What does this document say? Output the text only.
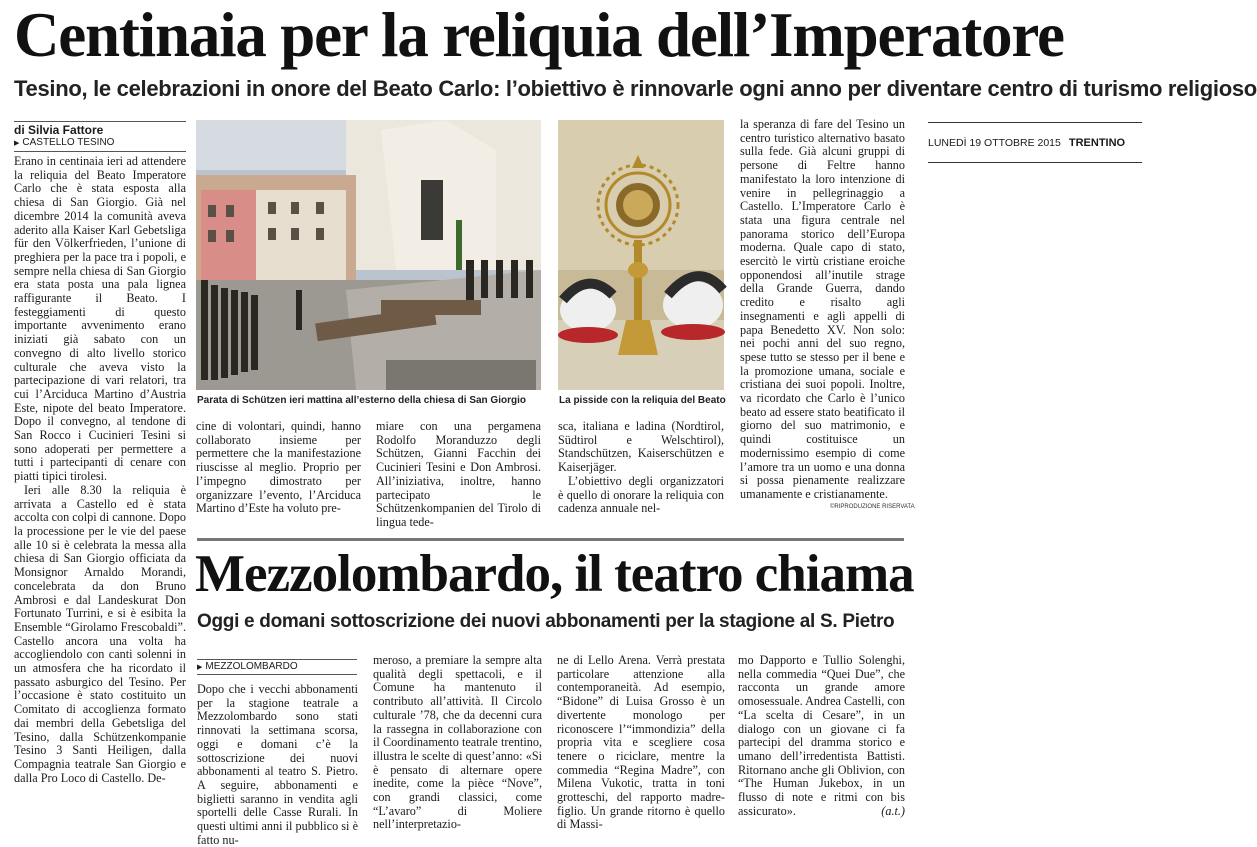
Centinaia per la reliquia dell’Imperatore
Tesino, le celebrazioni in onore del Beato Carlo: l’obiettivo è rinnovarle ogni anno per diventare centro di turismo religioso
di Silvia Fattore
▶ CASTELLO TESINO

Erano in centinaia ieri ad attendere la reliquia del Beato Imperatore Carlo che è stata esposta alla chiesa di San Giorgio. Già nel dicembre 2014 la comunità aveva aderito alla Kaiser Karl Gebetsliga für den Völkerfrieden, l’unione di preghiera per la pace tra i popoli, e sempre nella chiesa di San Giorgio era stata posta una pala lignea raffigurante il Beato. I festeggiamenti di questo importante avvenimento erano iniziati già sabato con un convegno di alto livello storico culturale che aveva visto la partecipazione di vari relatori, tra cui l’Arciduca Martino d’Austria Este, nipote del beato Imperatore. Dopo il convegno, al tendone di San Rocco i Cucinieri Tesini si sono adoperati per permettere a tutti i partecipanti di cenare con piatti tipici tirolesi.

Ieri alle 8.30 la reliquia è arrivata a Castello ed è stata accolta con colpi di cannone. Dopo la processione per le vie del paese alle 10 si è celebrata la messa alla chiesa di San Giorgio officiata da Monsignor Arnaldo Morandi, concelebrata da don Bruno Ambrosi e dal Landeskurat Don Fortunato Turrini, e si è esibita la Ensemble “Girolamo Frescobaldi”. Castello ancora una volta ha accogliendolo con canti solenni in un atmosfera che ha ricordato il passato asburgico del Tesino. Per l’occasione è stato costituito un Comitato di accoglienza formato dai membri della Gebetsliga del Tesino, dalla Schützenkompanie Tesino 3 Santi Heiligen, dalla Compagnia teatrale San Giorgio e dalla Pro Loco di Castello. De-

Parata di Schützen ieri mattina all’esterno della chiesa di San Giorgio	La pisside con la reliquia del Beato

cine di volontari, quindi, hanno collaborato insieme per permettere che la manifestazione riuscisse al meglio. Proprio per l’impegno dimostrato per organizzare l’evento, l’Arciduca Martino d’Este ha voluto pre-

miare con una pergamena Rodolfo Moranduzzo degli Schützen, Gianni Facchin dei Cucinieri Tesini e Don Ambrosi. All’iniziativa, inoltre, hanno partecipato le Schützenkompanien del Tirolo di lingua tede-

sca, italiana e ladina (Nordtirol, Südtirol e Welschtirol), Standschützen, Kaiserschützen e Kaiserjäger.

L’obiettivo degli organizzatori è quello di onorare la reliquia con cadenza annuale nel-

la speranza di fare del Tesino un centro turistico alternativo basato sulla fede. Già alcuni gruppi di persone di Feltre hanno manifestato la loro intenzione di venire in pellegrinaggio a Castello. L’Imperatore Carlo è stata una figura centrale nel panorama storico dell’Europa moderna. Quale capo di stato, esercitò le virtù cristiane eroiche opponendosi all’inutile strage della Grande Guerra, dando credito e risalto agli insegnamenti e agli appelli di papa Benedetto XV. Non solo: nei pochi anni del suo regno, spese tutto se stesso per il bene e la promozione umana, sociale e cristiana dei suoi popoli. Inoltre, va ricordato che Carlo è l’unico beato ad essere stato beatificato il giorno del suo matrimonio, e quindi costituisce un modernissimo esempio di come l’amore tra un uomo e una donna si possa pienamente realizzare umanamente e cristianamente.

©RIPRODUZIONE RISERVATA
LUNEDÌ 19 OTTOBRE 2015 TRENTINO
Mezzolombardo, il teatro chiama
Oggi e domani sottoscrizione dei nuovi abbonamenti per la stagione al S. Pietro
▶ MEZZOLOMBARDO

Dopo che i vecchi abbonamenti per la stagione teatrale a Mezzolombardo sono stati rinnovati la settimana scorsa, oggi e domani c’è la sottoscrizione dei nuovi abbonamenti al teatro S. Pietro. A seguire, abbonamenti e biglietti saranno in vendita agli sportelli delle Casse Rurali. In questi ultimi anni il pubblico si è fatto nu-

meroso, a premiare la sempre alta qualità degli spettacoli, e il Comune ha mantenuto il contributo all’attività. Il Circolo culturale ’78, che da decenni cura la rassegna in collaborazione con il Coordinamento teatrale trentino, illustra le scelte di quest’anno: «Si è pensato di alternare opere inedite, come la pièce “Nove”, con grandi classici, come “L’avaro” di Moliere nell’interpretazio-

ne di Lello Arena. Verrà prestata particolare attenzione alla contemporaneità. Ad esempio, “Bidone” di Luisa Grosso è un divertente monologo per riconoscere l’“immondizia” della propria vita e scegliere cosa tenere o riciclare, mentre la commedia “Regina Madre”, con Milena Vukotic, tratta in toni grotteschi, del rapporto madre-figlio. Un grande ritorno è quello di Massi-

mo Dapporto e Tullio Solenghi, nella commedia “Quei Due”, che racconta un grande amore omosessuale. Andrea Castelli, con “La scelta di Cesare”, in un dialogo con un giovane ci fa partecipi del dramma storico e umano dell’irredentista Battisti. Ritornano anche gli Oblivion, con “The Human Jukebox, in un flusso di note e ritmi con bis assicurato».	(a.t.)
